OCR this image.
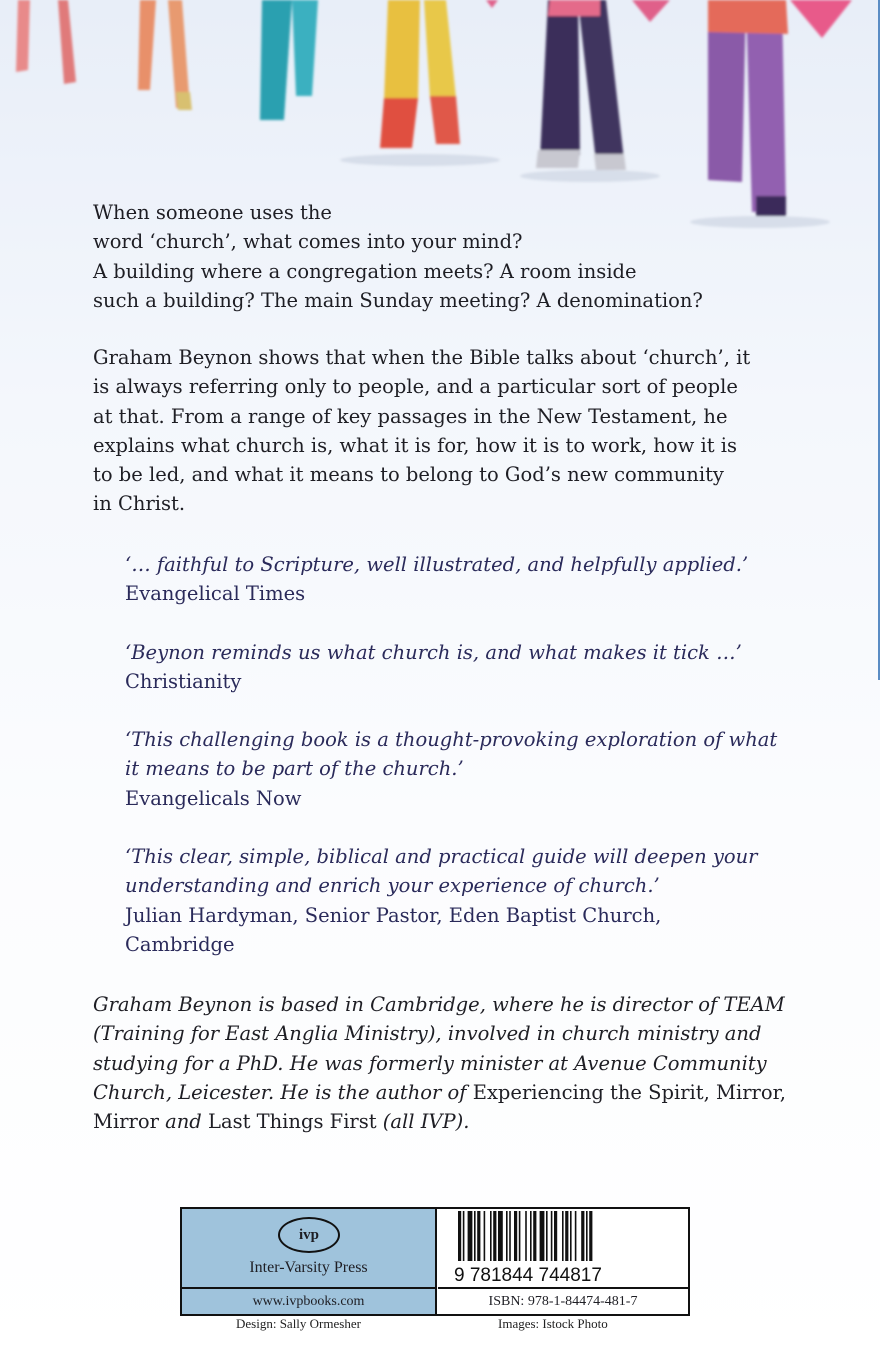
When someone uses the
word ‘church’, what comes into your mind?
A building where a congregation meets? A room inside
such a building? The main Sunday meeting? A denomination?
Graham Beynon shows that when the Bible talks about ‘church’, it
is always referring only to people, and a particular sort of people
at that. From a range of key passages in the New Testament, he
explains what church is, what it is for, how it is to work, how it is
to be led, and what it means to belong to God’s new community
in Christ.
‘… faithful to Scripture, well illustrated, and helpfully applied.’
Evangelical Times
‘Beynon reminds us what church is, and what makes it tick …’
Christianity
‘This challenging book is a thought-provoking exploration of what
it means to be part of the church.’
Evangelicals Now
‘This clear, simple, biblical and practical guide will deepen your
understanding and enrich your experience of church.’
Julian Hardyman, Senior Pastor, Eden Baptist Church,
Cambridge
Graham Beynon is based in Cambridge, where he is director of TEAM
(Training for East Anglia Ministry), involved in church ministry and
studying for a PhD. He was formerly minister at Avenue Community
Church, Leicester. He is the author of Experiencing the Spirit, Mirror,
Mirror and Last Things First (all IVP).
ivp
Inter-Varsity Press
www.ivpbooks.com
9 781844 744817
ISBN: 978-1-84474-481-7
Design: Sally Ormesher	Images: Istock Photo
